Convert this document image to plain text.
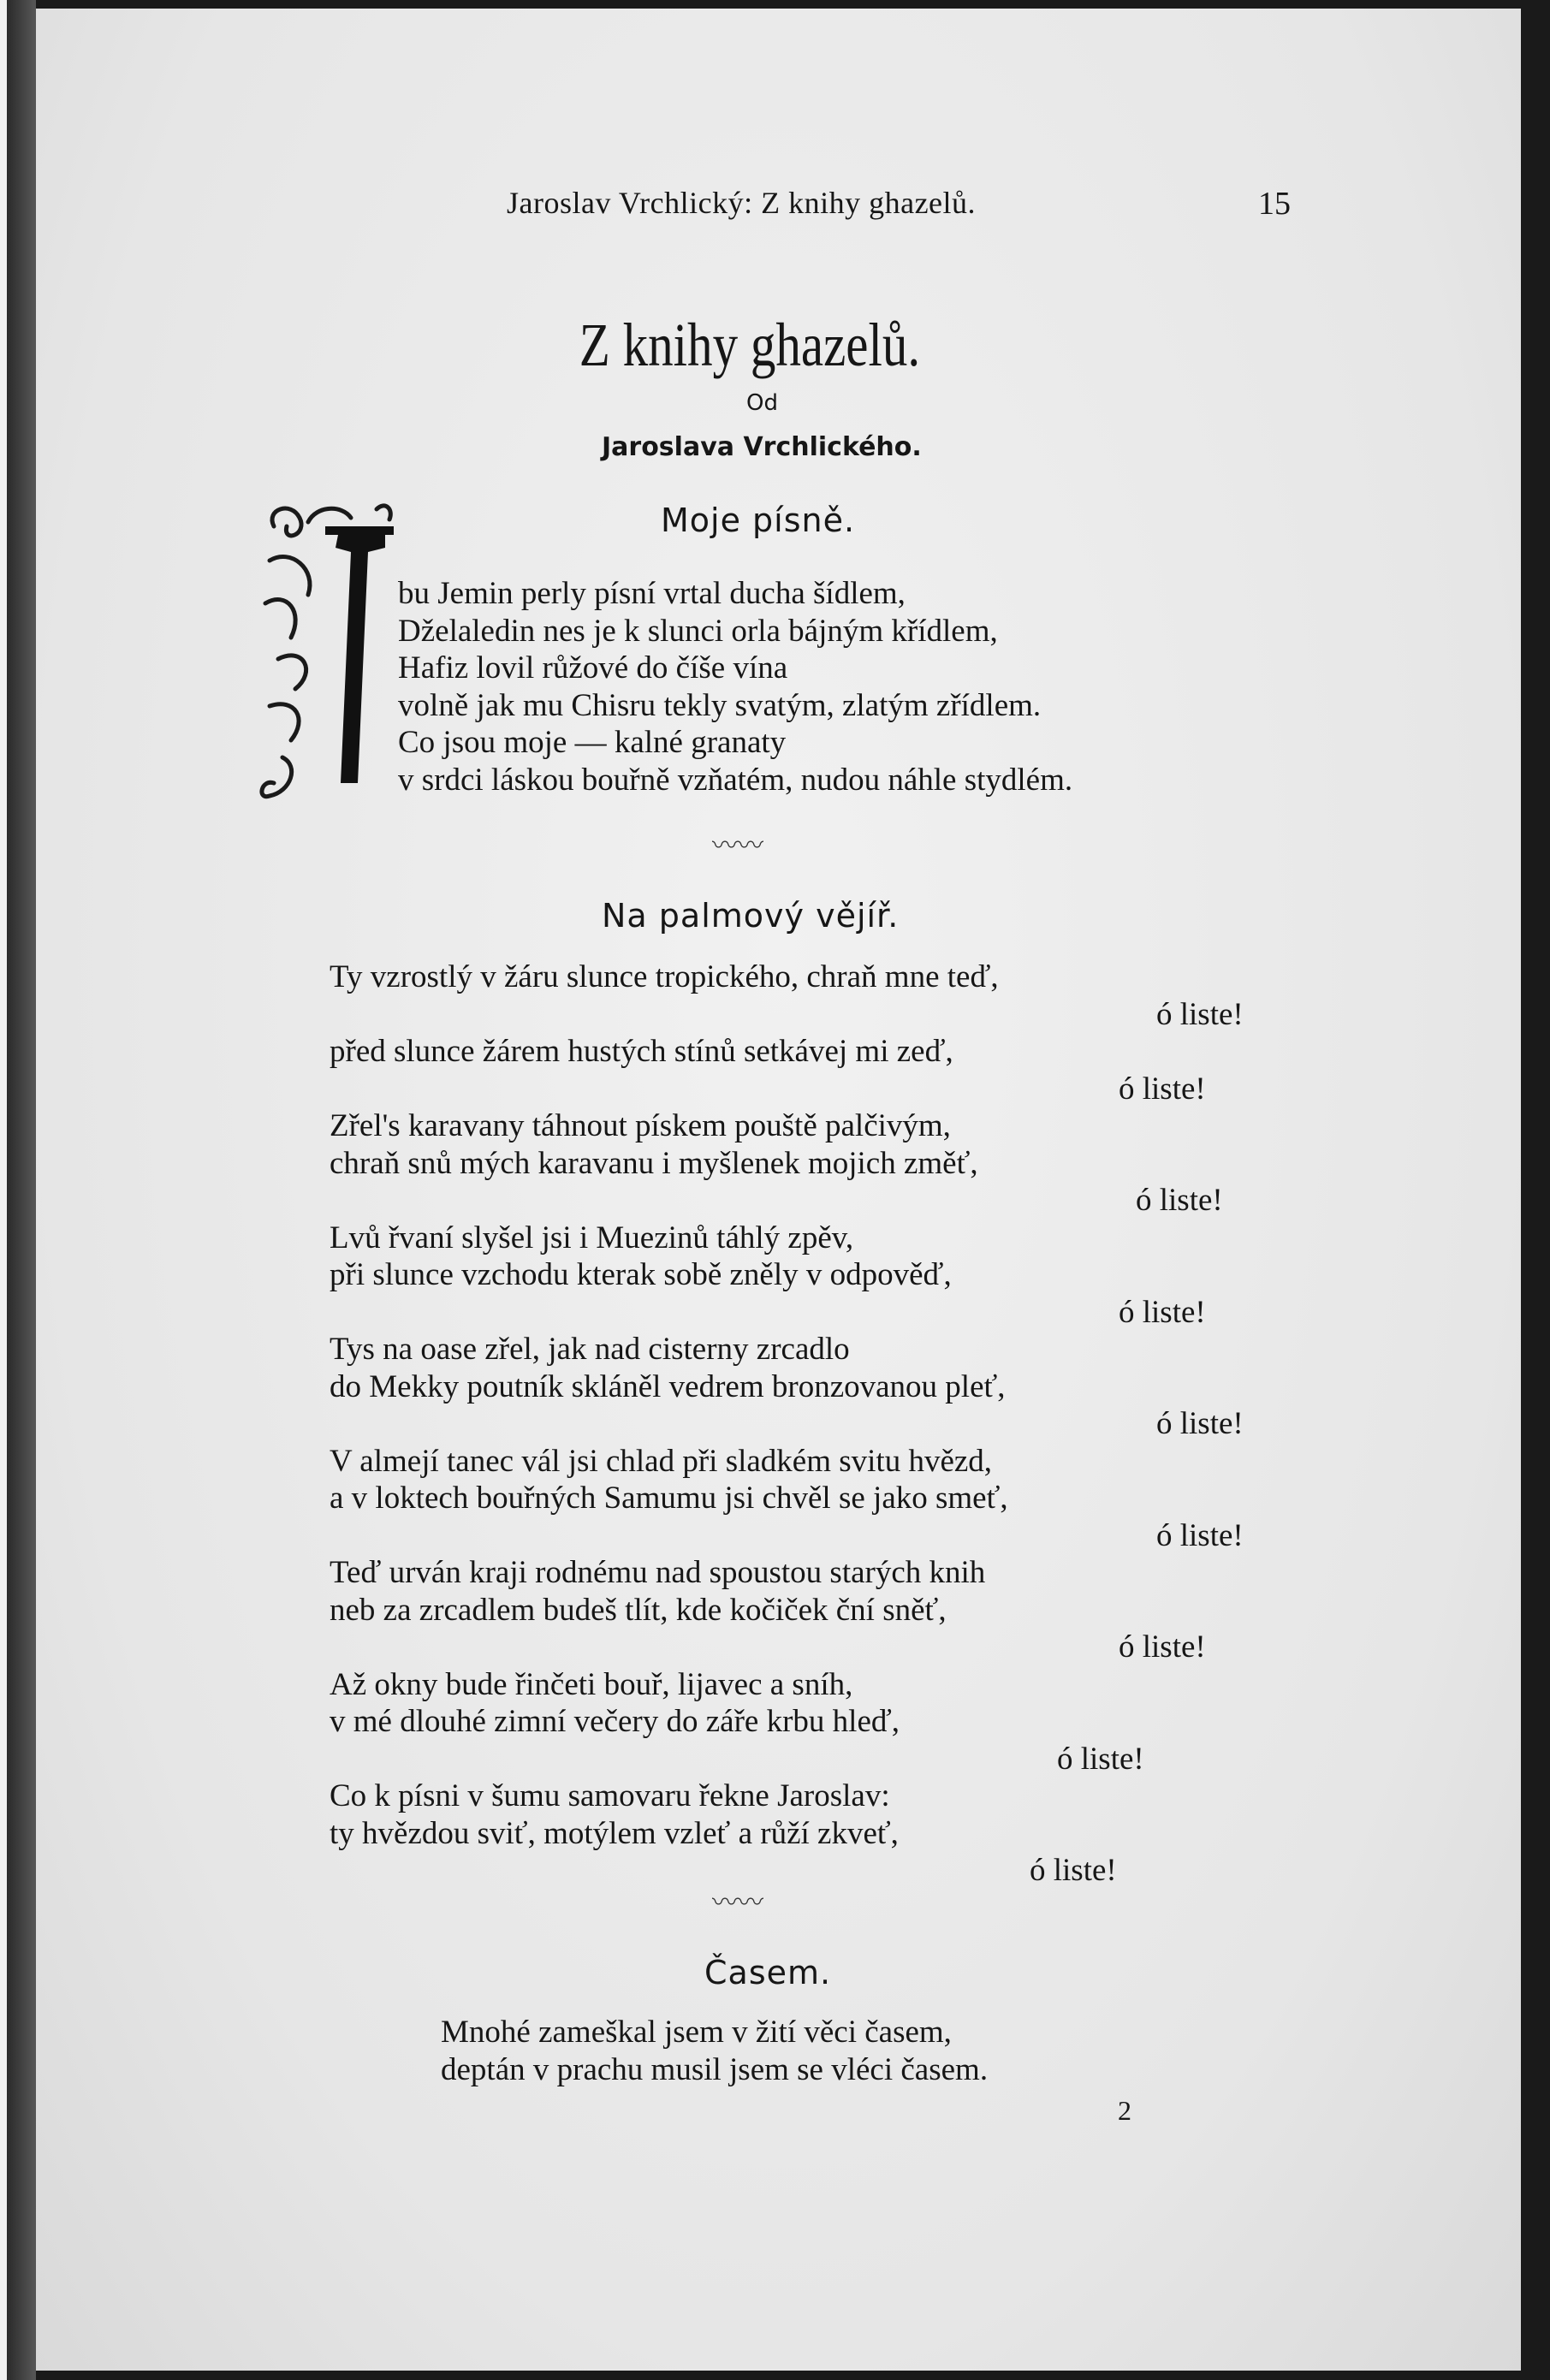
Jaroslav Vrchlický: Z knihy ghazelů.	15
Z knihy ghazelů.
Od
Jaroslava Vrchlického.
Moje písně.
I
bu Jemin perly písní vrtal ducha šídlem,
Dželaledin nes je k slunci orla bájným křídlem,
Hafiz lovil růžové do číše vína
volně jak mu Chisru tekly svatým, zlatým zřídlem.
Co jsou moje — kalné granaty
v srdci láskou bouřně vzňatém, nudou náhle stydlém.
〰〰
Na palmový vějíř.
Ty vzrostlý v žáru slunce tropického, chraň mne teď,
ó liste!
před slunce žárem hustých stínů setkávej mi zeď,
ó liste!
Zřel's karavany táhnout pískem pouště palčivým,
chraň snů mých karavanu i myšlenek mojich změť,
ó liste!
Lvů řvaní slyšel jsi i Muezinů táhlý zpěv,
při slunce vzchodu kterak sobě zněly v odpověď,
ó liste!
Tys na oase zřel, jak nad cisterny zrcadlo
do Mekky poutník skláněl vedrem bronzovanou pleť,
ó liste!
V almejí tanec vál jsi chlad při sladkém svitu hvězd,
a v loktech bouřných Samumu jsi chvěl se jako smeť,
ó liste!
Teď urván kraji rodnému nad spoustou starých knih
neb za zrcadlem budeš tlít, kde kočiček ční sněť,
ó liste!
Až okny bude řinčeti bouř, lijavec a sníh,
v mé dlouhé zimní večery do záře krbu hleď,
ó liste!
Co k písni v šumu samovaru řekne Jaroslav:
ty hvězdou sviť, motýlem vzleť a růží zkveť,
ó liste!
〰〰
Časem.
Mnohé zameškal jsem v žití věci časem,
deptán v prachu musil jsem se vléci časem.
2
